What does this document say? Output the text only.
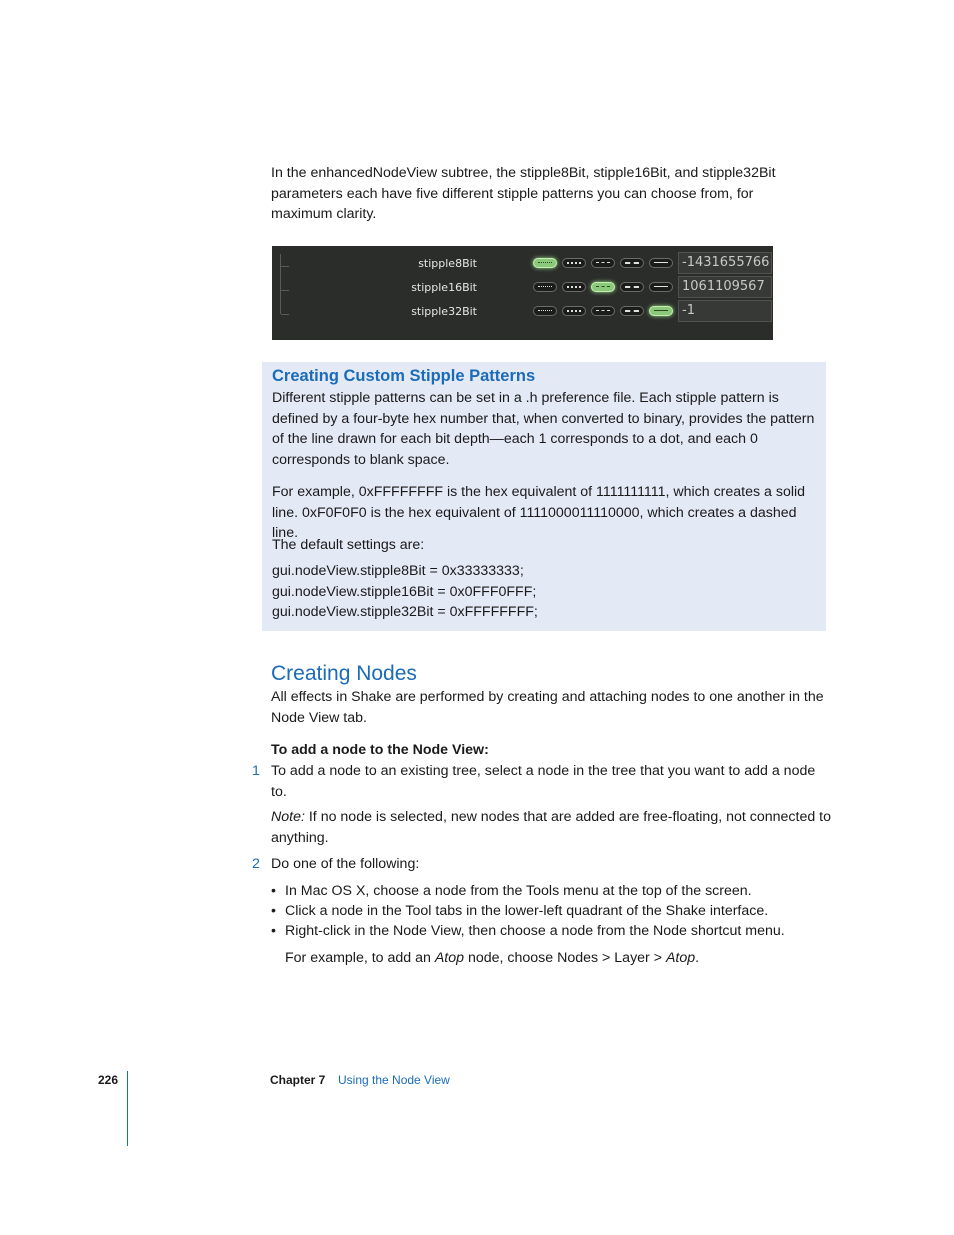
In the enhancedNodeView subtree, the stipple8Bit, stipple16Bit, and stipple32Bit parameters each have five different stipple patterns you can choose from, for maximum clarity.

stipple8Bit	-1431655766
stipple16Bit	1061109567
stipple32Bit	-1
Creating Custom Stipple Patterns

Different stipple patterns can be set in a .h preference file. Each stipple pattern is defined by a four-byte hex number that, when converted to binary, provides the pattern of the line drawn for each bit depth—each 1 corresponds to a dot, and each 0 corresponds to blank space.

For example, 0xFFFFFFFF is the hex equivalent of 1111111111, which creates a solid line. 0xF0F0F0 is the hex equivalent of 1111000011110000, which creates a dashed line.

The default settings are:

gui.nodeView.stipple8Bit = 0x33333333;
gui.nodeView.stipple16Bit = 0x0FFF0FFF;
gui.nodeView.stipple32Bit = 0xFFFFFFFF;
Creating Nodes

All effects in Shake are performed by creating and attaching nodes to one another in the Node View tab.

To add a node to the Node View:
1 To add a node to an existing tree, select a node in the tree that you want to add a node to.

Note: If no node is selected, new nodes that are added are free-floating, not connected to anything.

2 Do one of the following:
• In Mac OS X, choose a node from the Tools menu at the top of the screen.
• Click a node in the Tool tabs in the lower-left quadrant of the Shake interface.
• Right-click in the Node View, then choose a node from the Node shortcut menu.
For example, to add an Atop node, choose Nodes > Layer > Atop.
226	Chapter 7 Using the Node View
